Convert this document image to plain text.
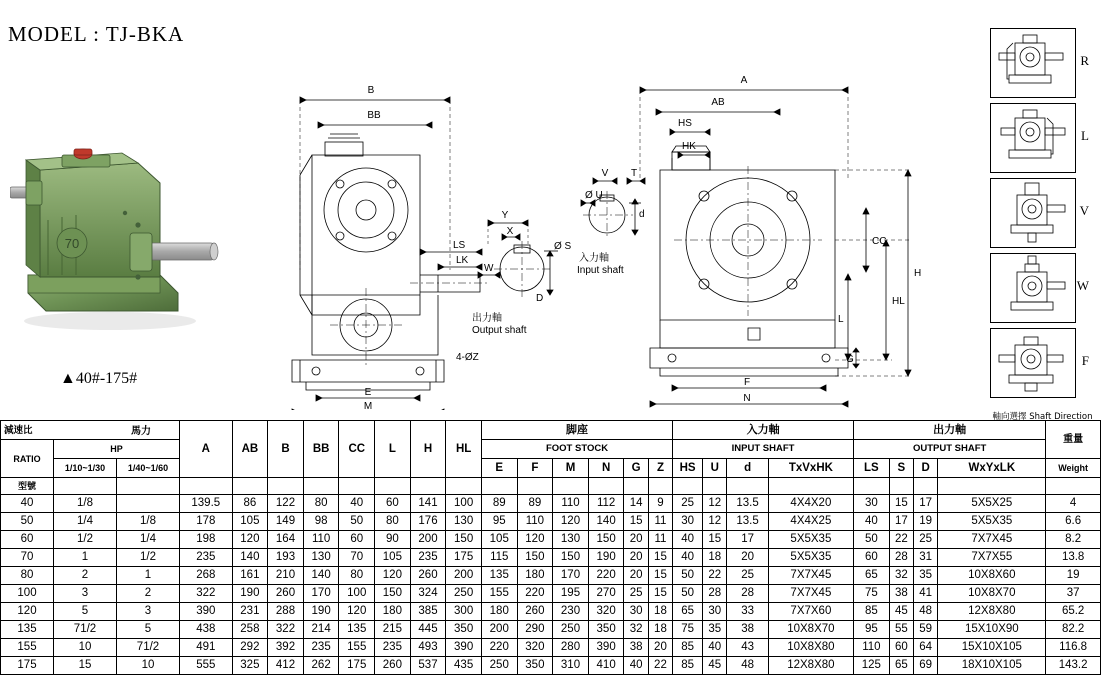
MODEL : TJ-BKA
70
▲40#-175#
B
BB
LS
LK
E
M
4-ØZ
Y
X
W
Ø S
D
出力軸
Output shaft
V
Ø U
T
d
入力軸
Input shaft
A
AB
HS
HK
CC
HL
H
L
G
F
N
R
L
V
W
F
軸向選擇 Shaft Direction
減速比 馬力			A	AB	B	BB	CC	L	H	HL	脚座						入力軸				出力軸				重量
RATIO	HP										FOOT STOCK						INPUT SHAFT				OUTPUT SHAFT				
	1/10~1/30	1/40~1/60									E	F	M	N	G	Z	HS	U	d	TxVxHK	LS	S	D	WxYxLK	Weight
型號																									
40	1/8		139.5	86	122	80	40	60	141	100	89	89	110	112	14	9	25	12	13.5	4X4X20	30	15	17	5X5X25	4
50	1/4	1/8	178	105	149	98	50	80	176	130	95	110	120	140	15	11	30	12	13.5	4X4X25	40	17	19	5X5X35	6.6
60	1/2	1/4	198	120	164	110	60	90	200	150	105	120	130	150	20	11	40	15	17	5X5X35	50	22	25	7X7X45	8.2
70	1	1/2	235	140	193	130	70	105	235	175	115	150	150	190	20	15	40	18	20	5X5X35	60	28	31	7X7X55	13.8
80	2	1	268	161	210	140	80	120	260	200	135	180	170	220	20	15	50	22	25	7X7X45	65	32	35	10X8X60	19
100	3	2	322	190	260	170	100	150	324	250	155	220	195	270	25	15	50	28	28	7X7X45	75	38	41	10X8X70	37
120	5	3	390	231	288	190	120	180	385	300	180	260	230	320	30	18	65	30	33	7X7X60	85	45	48	12X8X80	65.2
135	71/2	5	438	258	322	214	135	215	445	350	200	290	250	350	32	18	75	35	38	10X8X70	95	55	59	15X10X90	82.2
155	10	71/2	491	292	392	235	155	235	493	390	220	320	280	390	38	20	85	40	43	10X8X80	110	60	64	15X10X105	116.8
175	15	10	555	325	412	262	175	260	537	435	250	350	310	410	40	22	85	45	48	12X8X80	125	65	69	18X10X105	143.2
